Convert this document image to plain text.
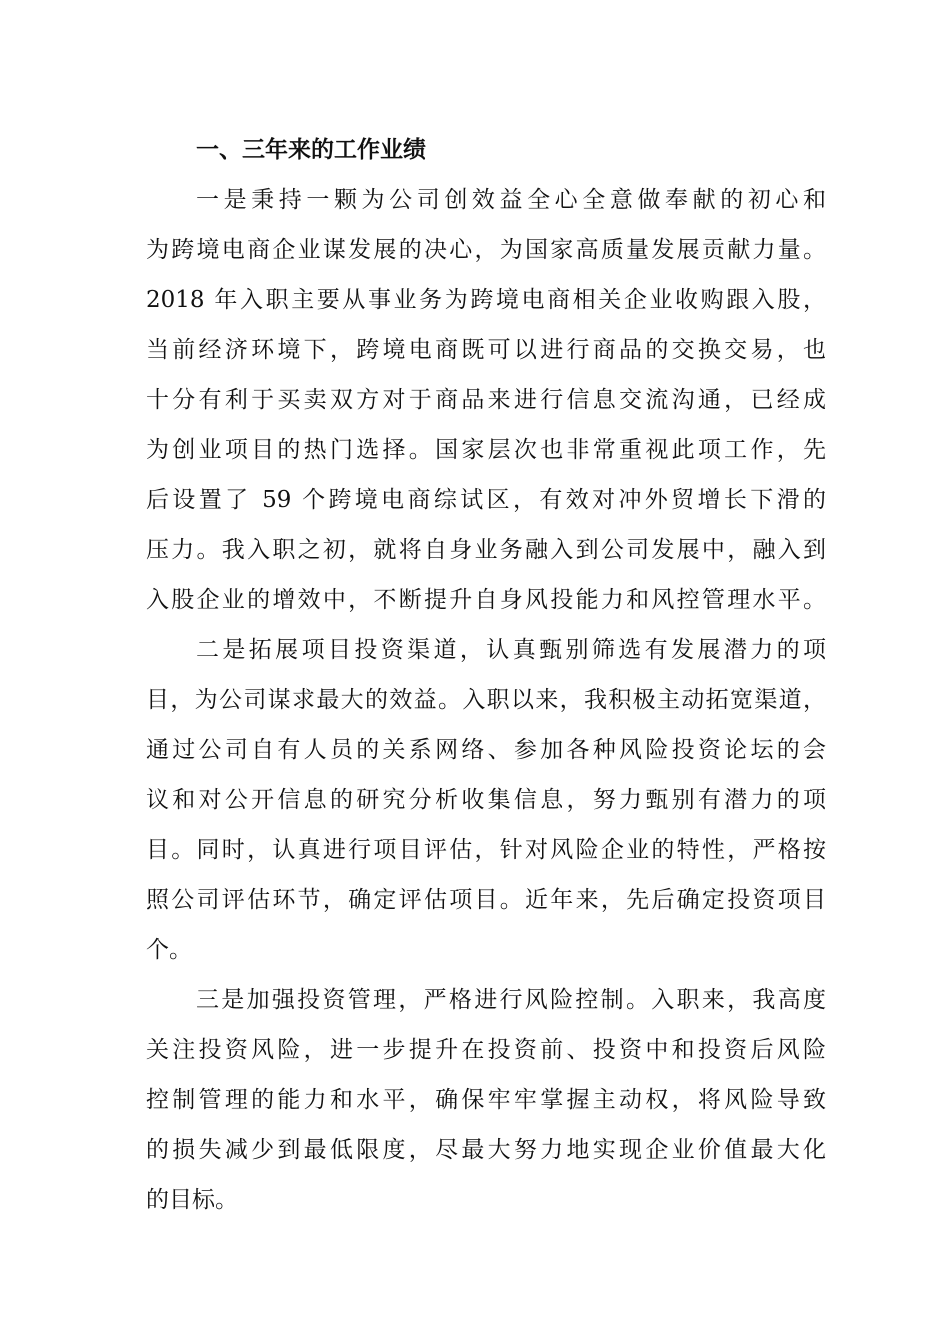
一、三年来的工作业绩
一是秉持一颗为公司创效益全心全意做奉献的初心和
为跨境电商企业谋发展的决心，为国家高质量发展贡献力量。
2018 年入职主要从事业务为跨境电商相关企业收购跟入股，
当前经济环境下，跨境电商既可以进行商品的交换交易，也
十分有利于买卖双方对于商品来进行信息交流沟通，已经成
为创业项目的热门选择。国家层次也非常重视此项工作，先
后设置了 59 个跨境电商综试区，有效对冲外贸增长下滑的
压力。我入职之初，就将自身业务融入到公司发展中，融入到
入股企业的增效中，不断提升自身风投能力和风控管理水平。
二是拓展项目投资渠道，认真甄别筛选有发展潜力的项
目，为公司谋求最大的效益。入职以来，我积极主动拓宽渠道，
通过公司自有人员的关系网络、参加各种风险投资论坛的会
议和对公开信息的研究分析收集信息，努力甄别有潜力的项
目。同时，认真进行项目评估，针对风险企业的特性，严格按
照公司评估环节，确定评估项目。近年来，先后确定投资项目
个。
三是加强投资管理，严格进行风险控制。入职来，我高度
关注投资风险，进一步提升在投资前、投资中和投资后风险
控制管理的能力和水平，确保牢牢掌握主动权，将风险导致
的损失减少到最低限度，尽最大努力地实现企业价值最大化
的目标。
